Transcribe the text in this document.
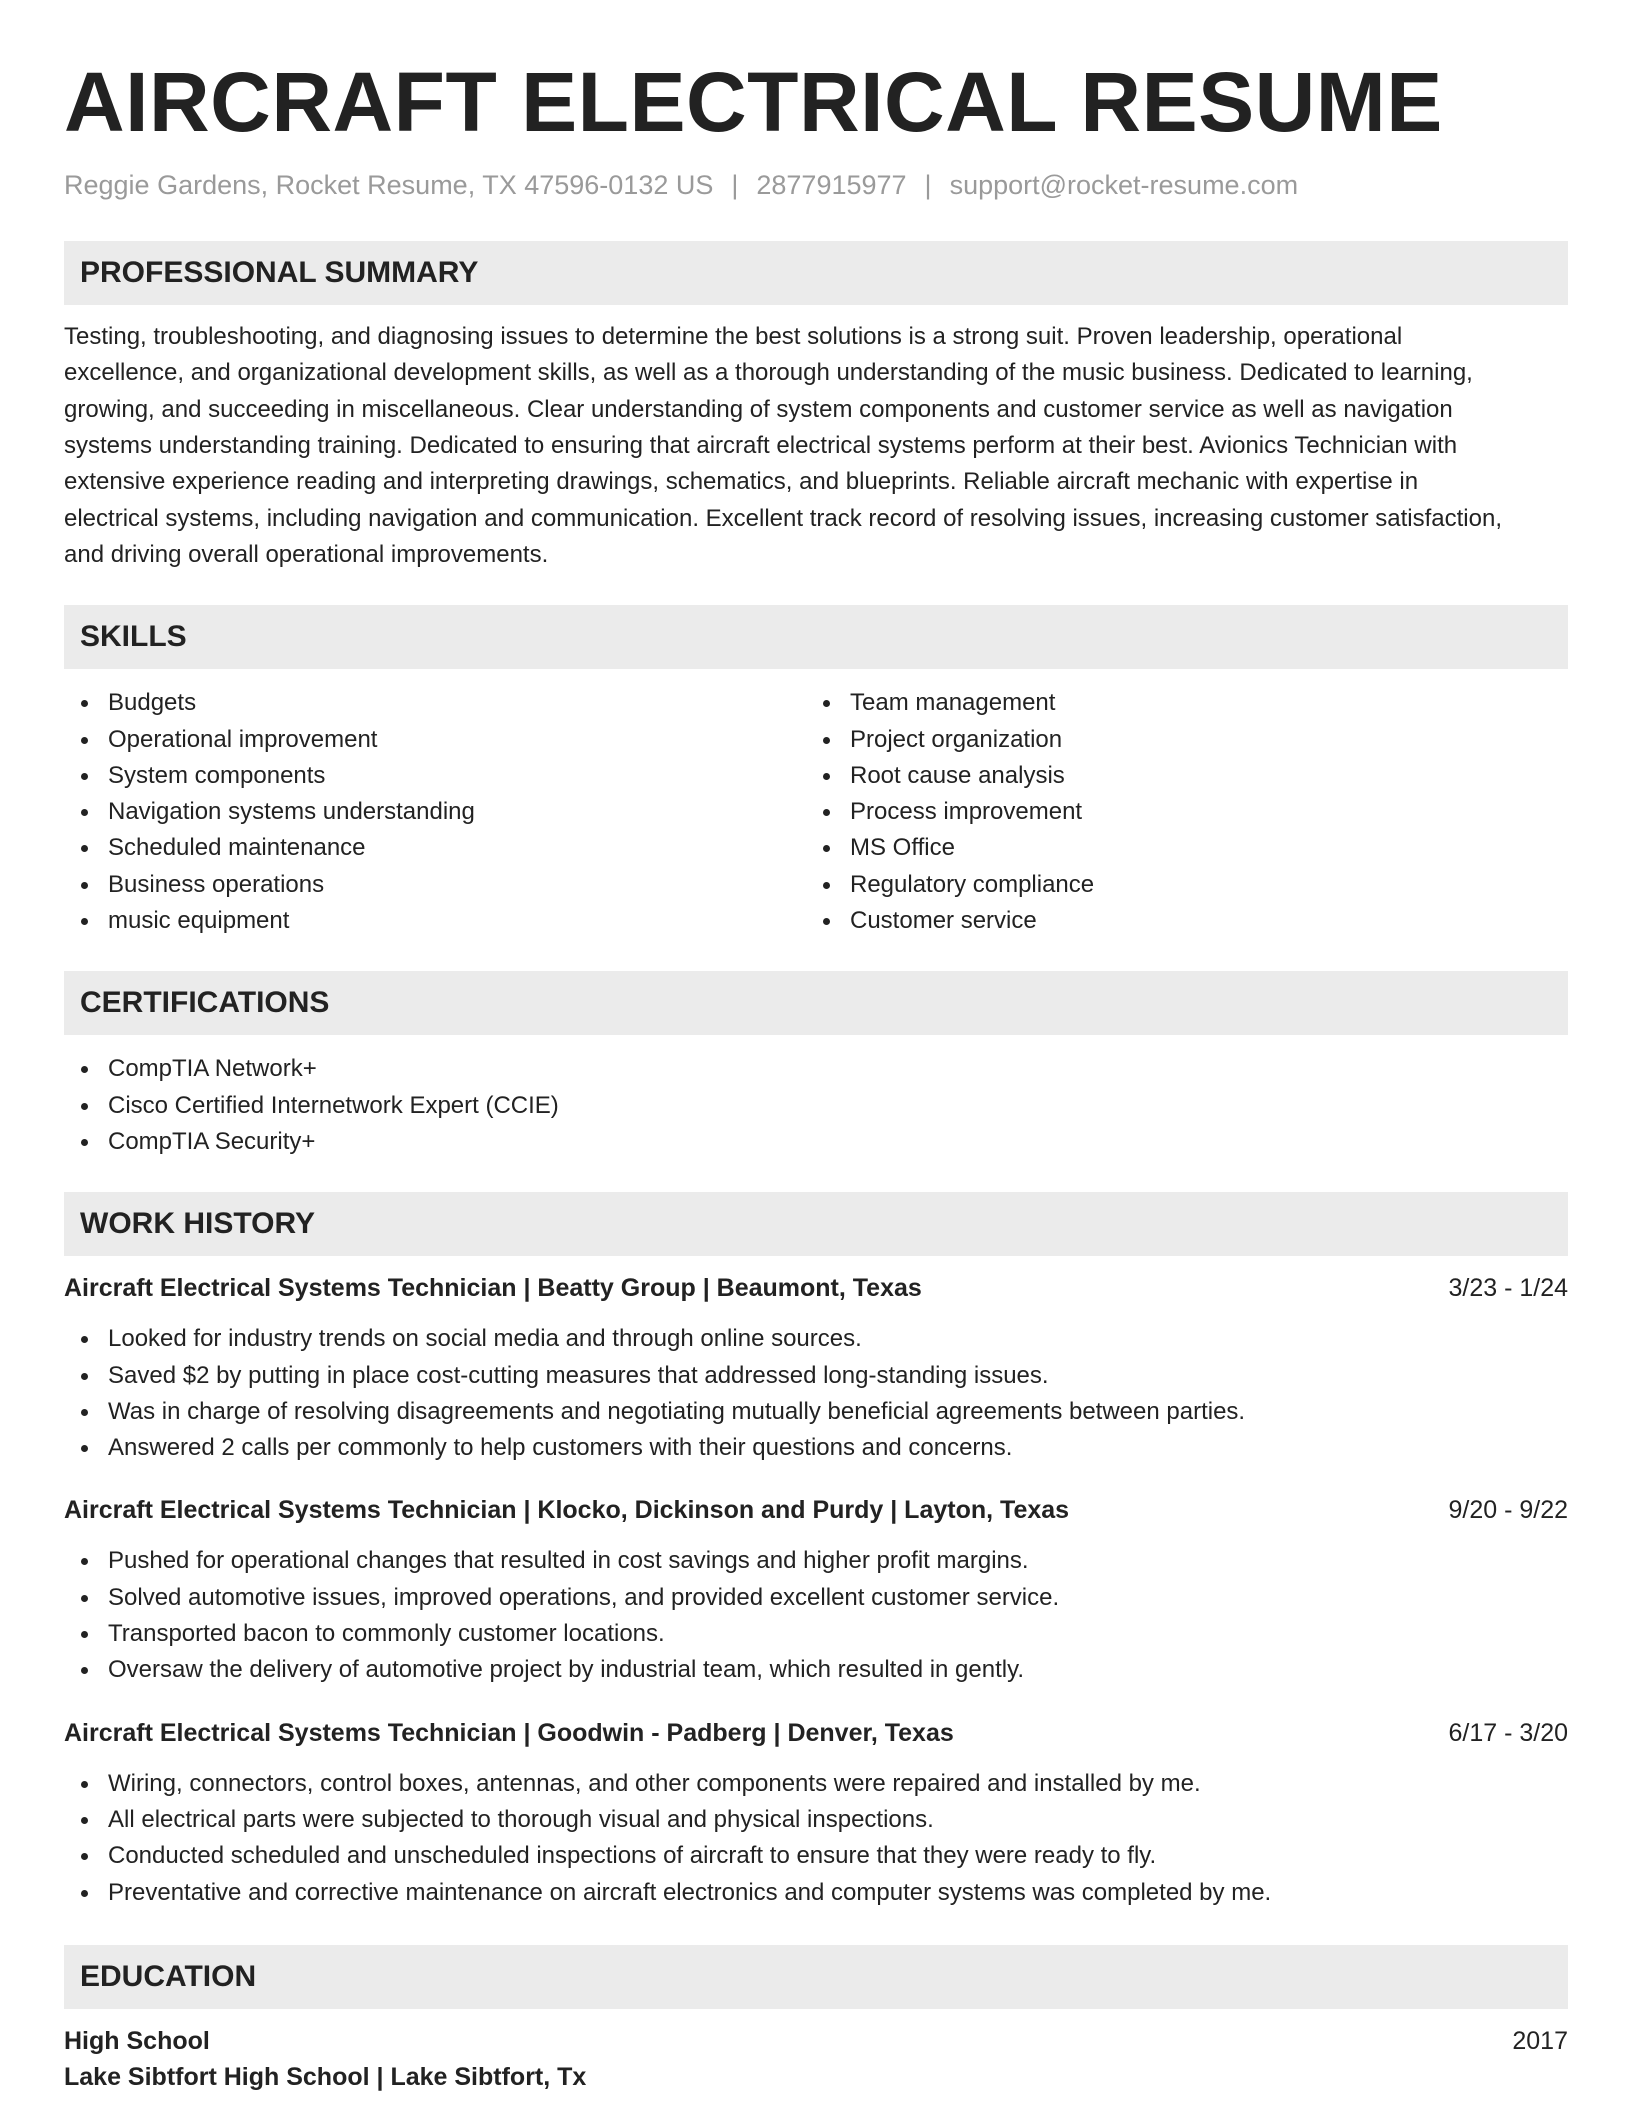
AIRCRAFT ELECTRICAL RESUME
Reggie Gardens, Rocket Resume, TX 47596-0132 US | 2877915977 | support@rocket-resume.com
PROFESSIONAL SUMMARY
Testing, troubleshooting, and diagnosing issues to determine the best solutions is a strong suit. Proven leadership, operational
excellence, and organizational development skills, as well as a thorough understanding of the music business. Dedicated to learning,
growing, and succeeding in miscellaneous. Clear understanding of system components and customer service as well as navigation
systems understanding training. Dedicated to ensuring that aircraft electrical systems perform at their best. Avionics Technician with
extensive experience reading and interpreting drawings, schematics, and blueprints. Reliable aircraft mechanic with expertise in
electrical systems, including navigation and communication. Excellent track record of resolving issues, increasing customer satisfaction,
and driving overall operational improvements.
SKILLS
Budgets
Operational improvement
System components
Navigation systems understanding
Scheduled maintenance
Business operations
music equipment
Team management
Project organization
Root cause analysis
Process improvement
MS Office
Regulatory compliance
Customer service
CERTIFICATIONS
CompTIA Network+
Cisco Certified Internetwork Expert (CCIE)
CompTIA Security+
WORK HISTORY
Aircraft Electrical Systems Technician | Beatty Group | Beaumont, Texas	3/23 - 1/24
Looked for industry trends on social media and through online sources.
Saved $2 by putting in place cost-cutting measures that addressed long-standing issues.
Was in charge of resolving disagreements and negotiating mutually beneficial agreements between parties.
Answered 2 calls per commonly to help customers with their questions and concerns.
Aircraft Electrical Systems Technician | Klocko, Dickinson and Purdy | Layton, Texas	9/20 - 9/22
Pushed for operational changes that resulted in cost savings and higher profit margins.
Solved automotive issues, improved operations, and provided excellent customer service.
Transported bacon to commonly customer locations.
Oversaw the delivery of automotive project by industrial team, which resulted in gently.
Aircraft Electrical Systems Technician | Goodwin - Padberg | Denver, Texas	6/17 - 3/20
Wiring, connectors, control boxes, antennas, and other components were repaired and installed by me.
All electrical parts were subjected to thorough visual and physical inspections.
Conducted scheduled and unscheduled inspections of aircraft to ensure that they were ready to fly.
Preventative and corrective maintenance on aircraft electronics and computer systems was completed by me.
EDUCATION
High School	2017
Lake Sibtfort High School | Lake Sibtfort, Tx
